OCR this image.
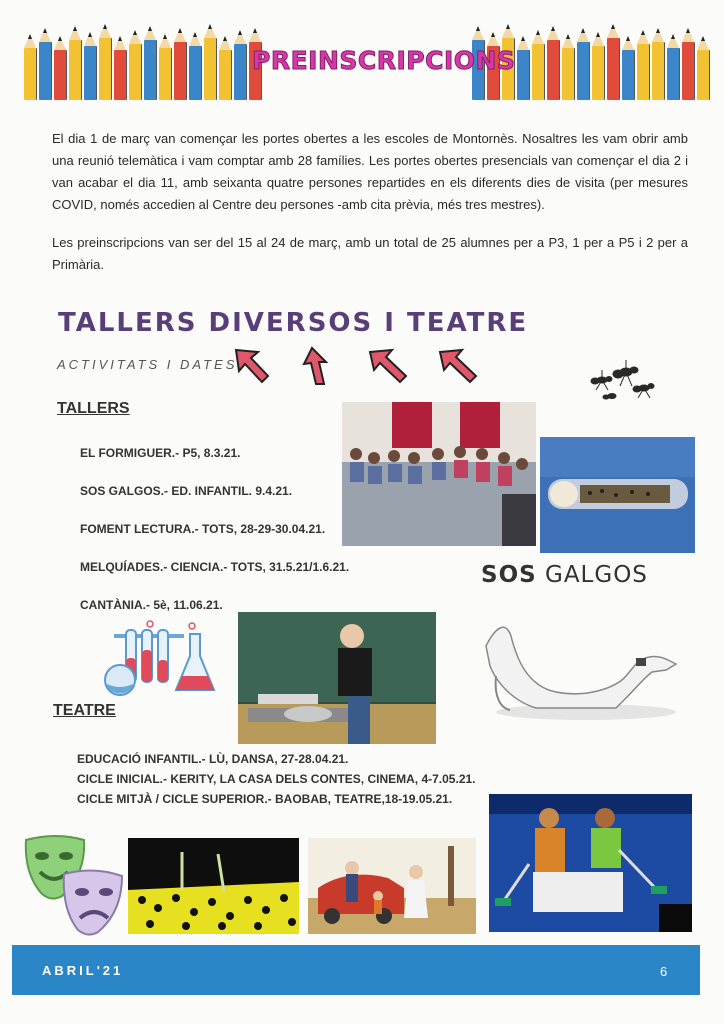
PREINSCRIPCIONS
El dia 1 de març van començar les portes obertes a les escoles de Montornès. Nosaltres les vam obrir amb una reunió telemàtica i vam comptar amb 28 famílies. Les portes obertes presencials van començar el dia 2 i van acabar el dia 11, amb seixanta quatre persones repartides en els diferents dies de visita (per mesures COVID, només accedien al Centre deu persones -amb cita prèvia, més tres mestres).
Les preinscripcions van ser del 15 al 24 de març, amb un total de 25 alumnes per a P3, 1 per a P5 i 2 per a Primària.
TALLERS DIVERSOS I TEATRE
ACTIVITATS I DATES
TALLERS
EL FORMIGUER.- P5, 8.3.21.
SOS GALGOS.- ED. INFANTIL. 9.4.21.
FOMENT LECTURA.- TOTS, 28-29-30.04.21.
MELQUÍADES.- CIENCIA.- TOTS, 31.5.21/1.6.21.
CANTÀNIA.- 5è, 11.06.21.
SOS GALGOS
TEATRE
EDUCACIÓ INFANTIL.- LÙ, DANSA, 27-28.04.21.
CICLE INICIAL.- KERITY, LA CASA DELS CONTES, CINEMA, 4-7.05.21.
CICLE MITJÀ / CICLE SUPERIOR.- BAOBAB, TEATRE,18-19.05.21.
ABRIL'21	6
